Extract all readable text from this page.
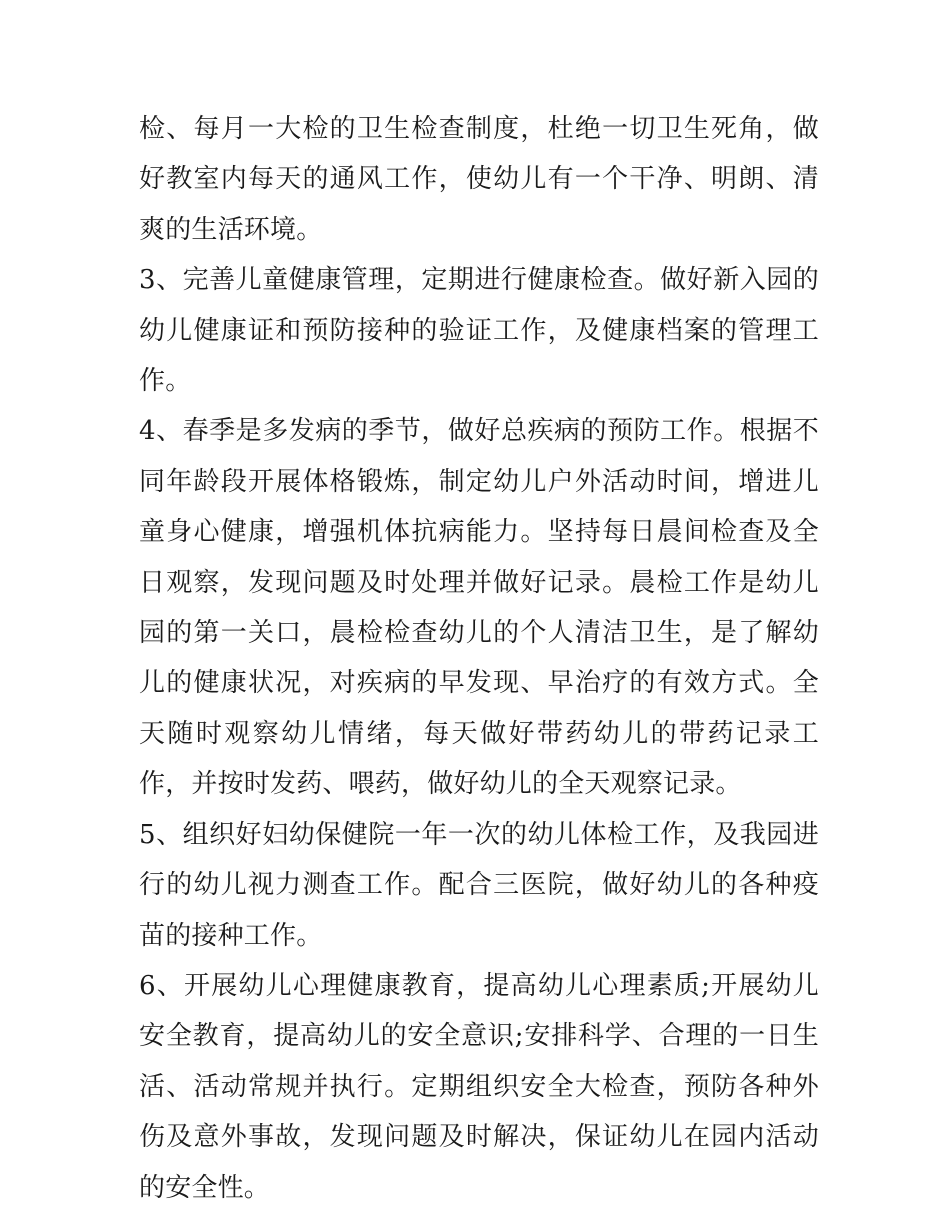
检、每月一大检的卫生检查制度，杜绝一切卫生死角，做好教室内每天的通风工作，使幼儿有一个干净、明朗、清爽的生活环境。

3、完善儿童健康管理，定期进行健康检查。做好新入园的幼儿健康证和预防接种的验证工作，及健康档案的管理工作。

4、春季是多发病的季节，做好总疾病的预防工作。根据不同年龄段开展体格锻炼，制定幼儿户外活动时间，增进儿童身心健康，增强机体抗病能力。坚持每日晨间检查及全日观察，发现问题及时处理并做好记录。晨检工作是幼儿园的第一关口，晨检检查幼儿的个人清洁卫生，是了解幼儿的健康状况，对疾病的早发现、早治疗的有效方式。全天随时观察幼儿情绪，每天做好带药幼儿的带药记录工作，并按时发药、喂药，做好幼儿的全天观察记录。

5、组织好妇幼保健院一年一次的幼儿体检工作，及我园进行的幼儿视力测查工作。配合三医院，做好幼儿的各种疫苗的接种工作。

6、开展幼儿心理健康教育，提高幼儿心理素质;开展幼儿安全教育，提高幼儿的安全意识;安排科学、合理的一日生活、活动常规并执行。定期组织安全大检查，预防各种外伤及意外事故，发现问题及时解决，保证幼儿在园内活动的安全性。
